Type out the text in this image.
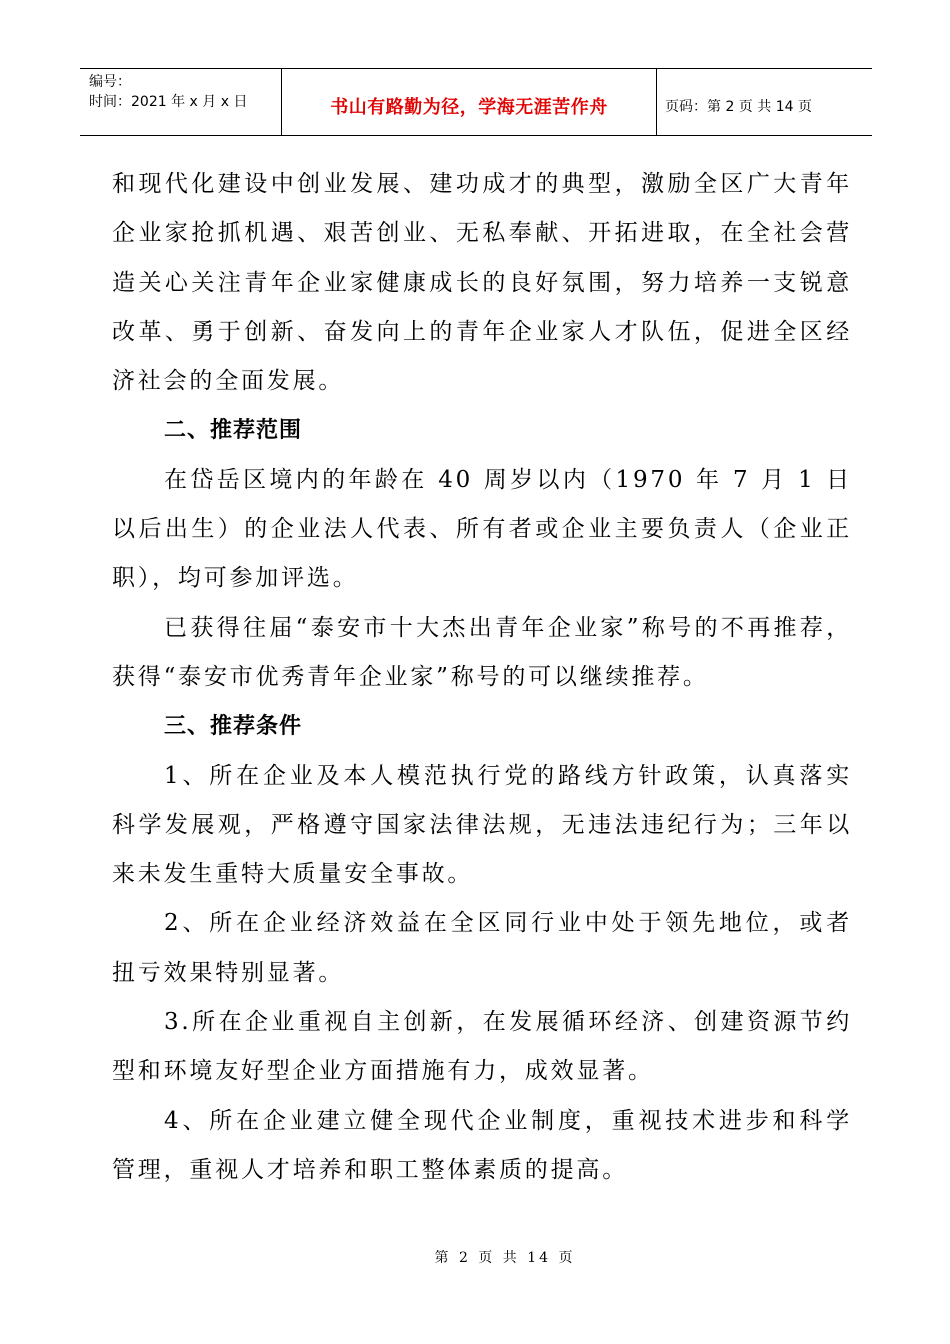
编号：
时间：2021 年 x 月 x 日	书山有路勤为径，学海无涯苦作舟	页码：第 2 页 共 14 页

和现代化建设中创业发展、建功成才的典型，激励全区广大青年企业家抢抓机遇、艰苦创业、无私奉献、开拓进取，在全社会营造关心关注青年企业家健康成长的良好氛围，努力培养一支锐意改革、勇于创新、奋发向上的青年企业家人才队伍，促进全区经济社会的全面发展。

二、推荐范围

在岱岳区境内的年龄在 40 周岁以内（1970 年 7 月 1 日以后出生）的企业法人代表、所有者或企业主要负责人（企业正职），均可参加评选。

已获得往届“泰安市十大杰出青年企业家”称号的不再推荐，获得“泰安市优秀青年企业家”称号的可以继续推荐。

三、推荐条件

1、所在企业及本人模范执行党的路线方针政策，认真落实科学发展观，严格遵守国家法律法规，无违法违纪行为；三年以来未发生重特大质量安全事故。

2、所在企业经济效益在全区同行业中处于领先地位，或者扭亏效果特别显著。

3.所在企业重视自主创新，在发展循环经济、创建资源节约型和环境友好型企业方面措施有力，成效显著。

4、所在企业建立健全现代企业制度，重视技术进步和科学管理，重视人才培养和职工整体素质的提高。

第 2 页 共 14 页
